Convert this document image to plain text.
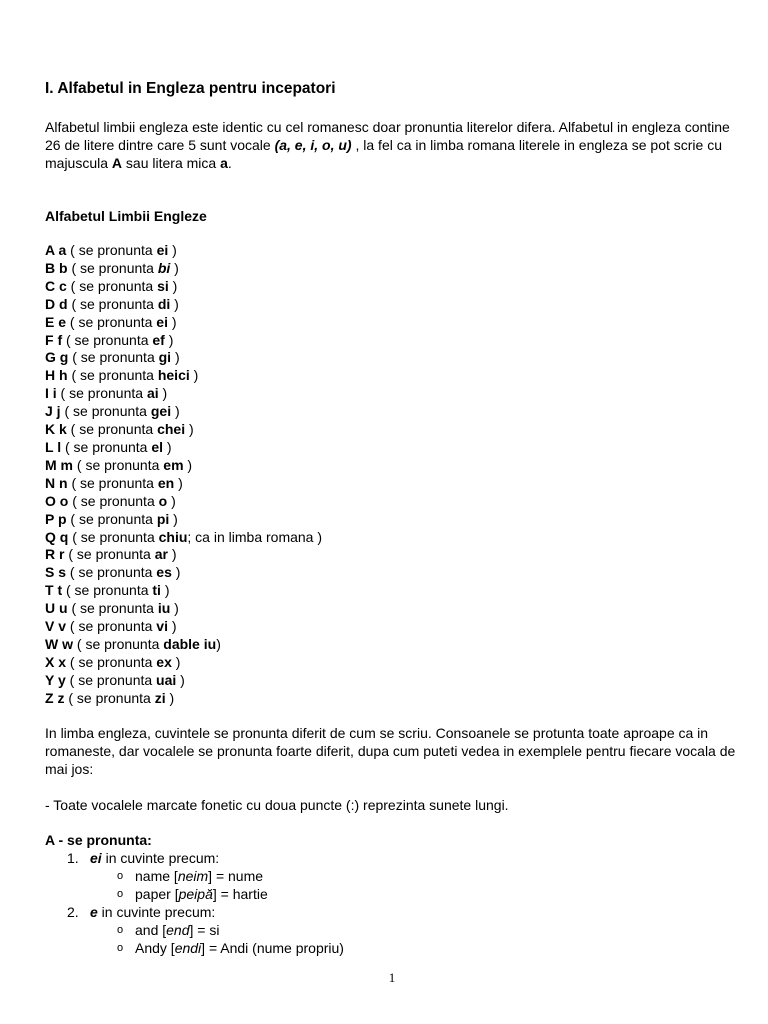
I. Alfabetul in Engleza pentru incepatori

Alfabetul limbii engleza este identic cu cel romanesc doar pronuntia literelor difera. Alfabetul in engleza contine 26 de litere dintre care 5 sunt vocale (a, e, i, o, u) , la fel ca in limba romana literele in engleza se pot scrie cu majuscula A sau litera mica a.

Alfabetul Limbii Engleze
A a ( se pronunta ei )
B b ( se pronunta bi )
C c ( se pronunta si )
D d ( se pronunta di )
E e ( se pronunta ei )
F f ( se pronunta ef )
G g ( se pronunta gi )
H h ( se pronunta heici )
I i ( se pronunta ai )
J j ( se pronunta gei )
K k ( se pronunta chei )
L l ( se pronunta el )
M m ( se pronunta em )
N n ( se pronunta en )
O o ( se pronunta o )
P p ( se pronunta pi )
Q q ( se pronunta chiu; ca in limba romana )
R r ( se pronunta ar )
S s ( se pronunta es )
T t ( se pronunta ti )
U u ( se pronunta iu )
V v ( se pronunta vi )
W w ( se pronunta dable iu)
X x ( se pronunta ex )
Y y ( se pronunta uai )
Z z ( se pronunta zi )

In limba engleza, cuvintele se pronunta diferit de cum se scriu. Consoanele se protunta toate aproape ca in romaneste, dar vocalele se pronunta foarte diferit, dupa cum puteti vedea in exemplele pentru fiecare vocala de mai jos:

- Toate vocalele marcate fonetic cu doua puncte (:) reprezinta sunete lungi.

A - se pronunta:
1. ei in cuvinte precum:
o name [neim] = nume
o paper [peipă] = hartie
2. e in cuvinte precum:
o and [end] = si
o Andy [endi] = Andi (nume propriu)
1
